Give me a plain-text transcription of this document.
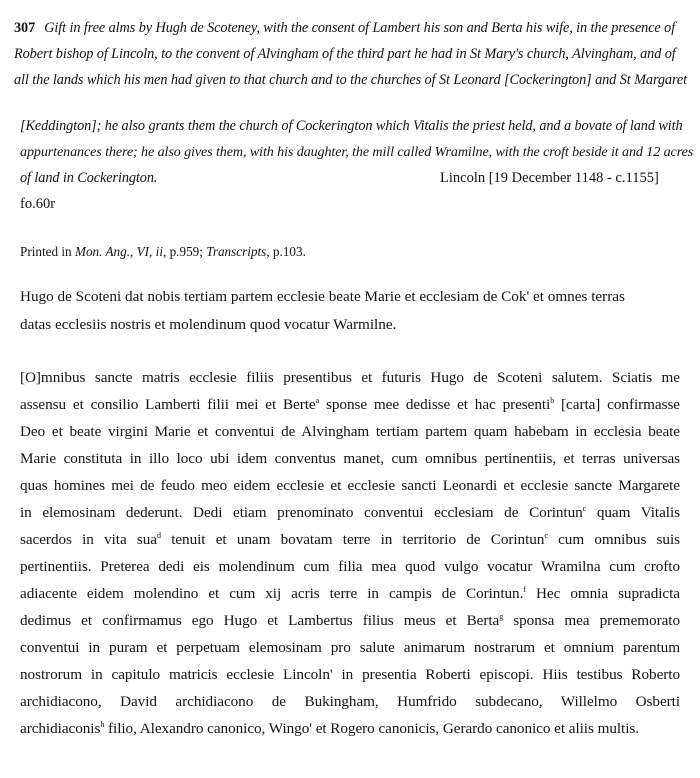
307 Gift in free alms by Hugh de Scoteney, with the consent of Lambert his son and Berta his wife, in the presence of
Robert bishop of Lincoln, to the convent of Alvingham of the third part he had in St Mary's church, Alvingham, and of
all the lands which his men had given to that church and to the churches of St Leonard [Cockerington] and St Margaret
[Keddington]; he also grants them the church of Cockerington which Vitalis the priest held, and a bovate of land with
appurtenances there; he also gives them, with his daughter, the mill called Wramilne, with the croft beside it and 12 acres
of land in Cockerington.	Lincoln [19 December 1148 - c.1155]
fo.60r
Printed in Mon. Ang., VI, ii, p.959; Transcripts, p.103.
Hugo de Scoteni dat nobis tertiam partem ecclesie beate Marie et ecclesiam de Cok' et omnes terras
datas ecclesiis nostris et molendinum quod vocatur Warmilne.
[O]mnibus sancte matris ecclesie filiis presentibus et futuris Hugo de Scoteni salutem. Sciatis me
assensu et consilio Lamberti filii mei et Berte$^a$ sponse mee dedisse et hac presenti$^b$ [carta] confirmasse
Deo et beate virgini Marie et conventui de Alvingham tertiam partem quam habebam in ecclesia beate
Marie constituta in illo loco ubi idem conventus manet, cum omnibus pertinentiis, et terras universas
quas homines mei de feudo meo eidem ecclesie et ecclesie sancti Leonardi et ecclesie sancte Margarete
in elemosinam dederunt. Dedi etiam prenominato conventui ecclesiam de Corintun$^c$ quam Vitalis
sacerdos in vita sua$^d$ tenuit et unam bovatam terre in territorio de Corintun$^c$ cum omnibus suis
pertinentiis. Preterea dedi eis molendinum cum filia mea quod vulgo vocatur Wramilna cum crofto
adiacente eidem molendino et cum xij acris terre in campis de Corintun.$^f$ Hec omnia supradicta
dedimus et confirmamus ego Hugo et Lambertus filius meus et Berta$^g$ sponsa mea prememorato
conventui in puram et perpetuam elemosinam pro salute animarum nostrarum et omnium parentum
nostrorum in capitulo matricis ecclesie Lincoln' in presentia Roberti episcopi. Hiis testibus Roberto
archidiacono, David archidiacono de Bukingham, Humfrido subdecano, Willelmo Osberti
archidiaconis$^h$ filio, Alexandro canonico, Wingo' et Rogero canonicis, Gerardo canonico et aliis multis.
